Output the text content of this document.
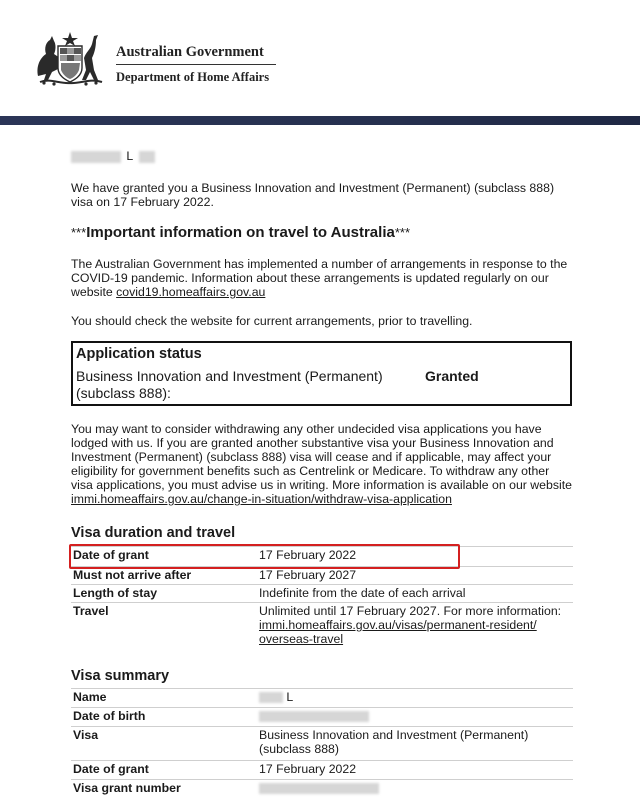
Australian Government
Department of Home Affairs
L
We have granted you a Business Innovation and Investment (Permanent) (subclass 888)
visa on 17 February 2022.
***Important information on travel to Australia***
The Australian Government has implemented a number of arrangements in response to the
COVID-19 pandemic. Information about these arrangements is updated regularly on our
website covid19.homeaffairs.gov.au
You should check the website for current arrangements, prior to travelling.
Application status
Business Innovation and Investment (Permanent) (subclass 888):
Granted
You may want to consider withdrawing any other undecided visa applications you have
lodged with us. If you are granted another substantive visa your Business Innovation and
Investment (Permanent) (subclass 888) visa will cease and if applicable, may affect your
eligibility for government benefits such as Centrelink or Medicare. To withdraw any other
visa applications, you must advise us in writing. More information is available on our website
immi.homeaffairs.gov.au/change-in-situation/withdraw-visa-application
Visa duration and travel
Date of grant	17 February 2022
Must not arrive after	17 February 2027
Length of stay	Indefinite from the date of each arrival
Travel	Unlimited until 17 February 2027. For more information:
immi.homeaffairs.gov.au/visas/permanent-resident/
overseas-travel
Visa summary
Name	L
Date of birth
Visa	Business Innovation and Investment (Permanent)
(subclass 888)
Date of grant	17 February 2022
Visa grant number
